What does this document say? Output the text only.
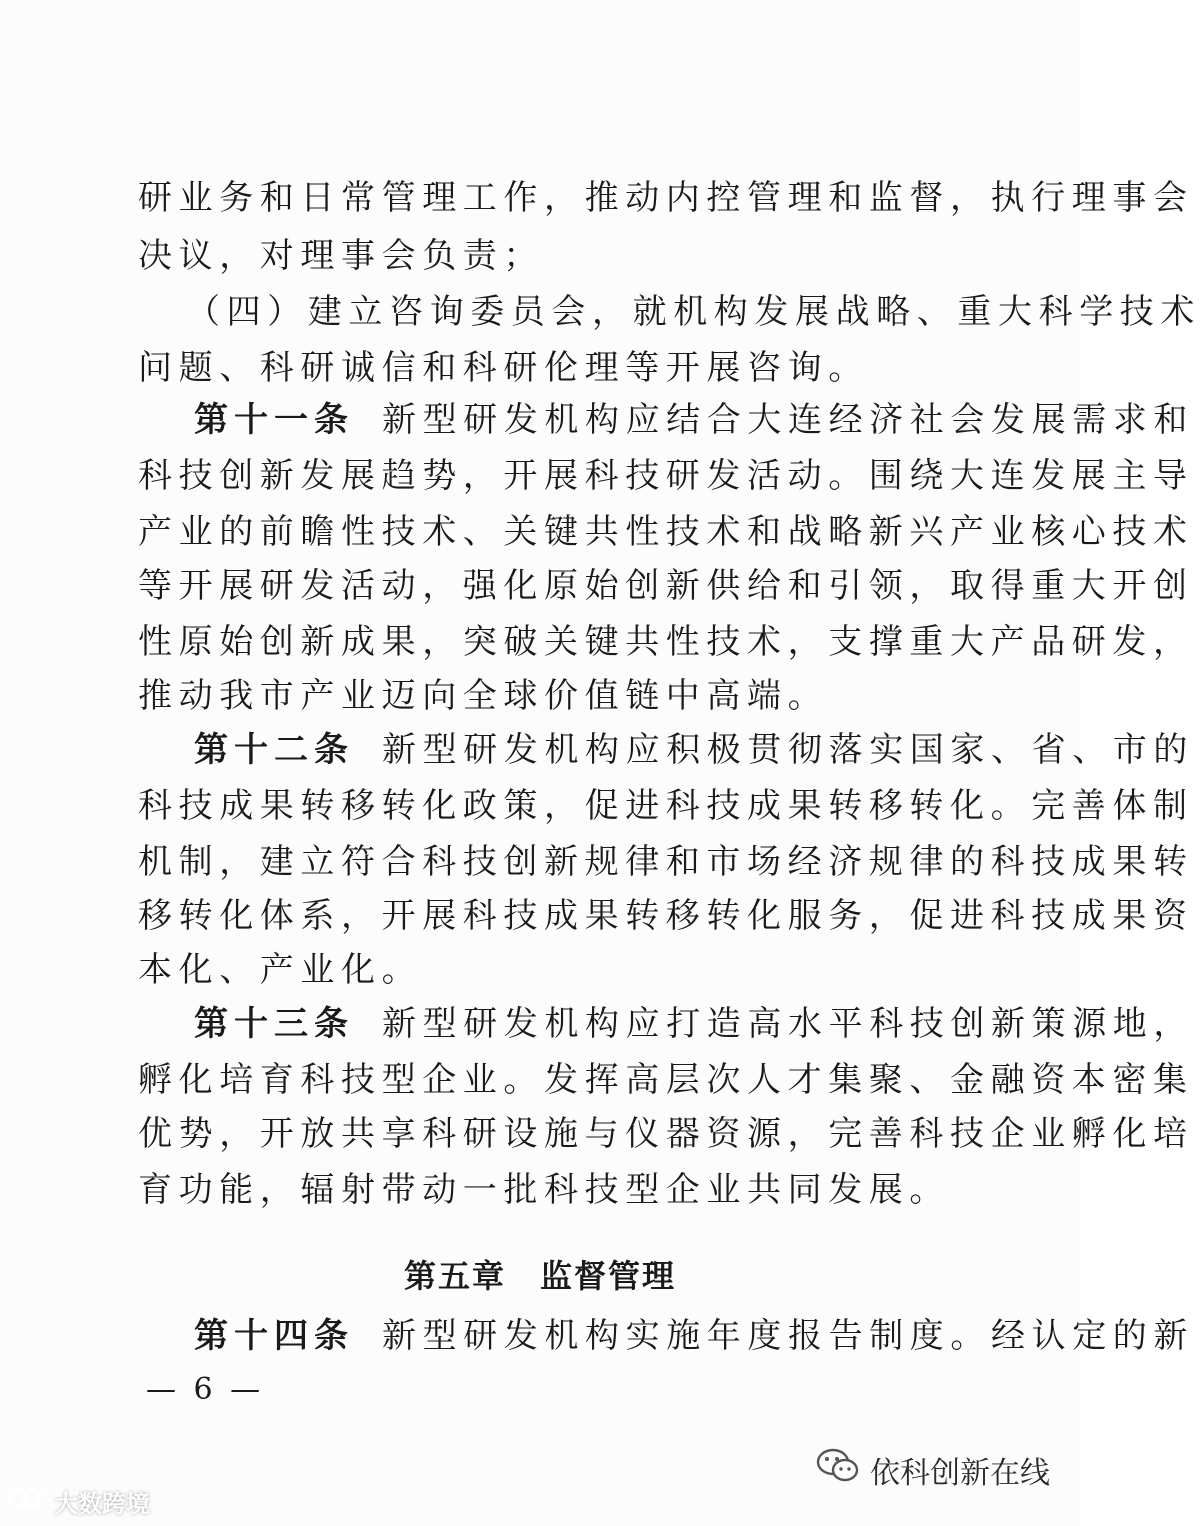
研业务和日常管理工作，推动内控管理和监督，执行理事会
决议，对理事会负责；
（四）建立咨询委员会，就机构发展战略、重大科学技术
问题、科研诚信和科研伦理等开展咨询。
第十一条 新型研发机构应结合大连经济社会发展需求和
科技创新发展趋势，开展科技研发活动。围绕大连发展主导
产业的前瞻性技术、关键共性技术和战略新兴产业核心技术
等开展研发活动，强化原始创新供给和引领，取得重大开创
性原始创新成果，突破关键共性技术，支撑重大产品研发，
推动我市产业迈向全球价值链中高端。
第十二条 新型研发机构应积极贯彻落实国家、省、市的
科技成果转移转化政策，促进科技成果转移转化。完善体制
机制，建立符合科技创新规律和市场经济规律的科技成果转
移转化体系，开展科技成果转移转化服务，促进科技成果资
本化、产业化。
第十三条 新型研发机构应打造高水平科技创新策源地，
孵化培育科技型企业。发挥高层次人才集聚、金融资本密集
优势，开放共享科研设施与仪器资源，完善科技企业孵化培
育功能，辐射带动一批科技型企业共同发展。
第五章 监督管理
第十四条 新型研发机构实施年度报告制度。经认定的新
— 6 —
依科创新在线
大数跨境
